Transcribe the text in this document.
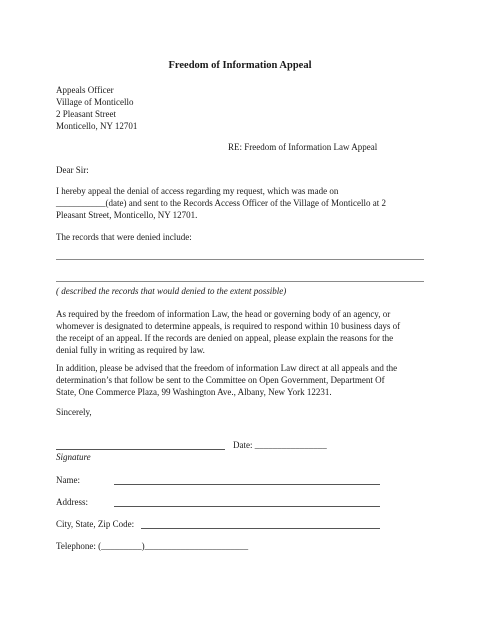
Freedom of Information Appeal
Appeals Officer
Village of Monticello
2 Pleasant Street
Monticello, NY 12701
RE: Freedom of Information Law Appeal
Dear Sir:
I hereby appeal the denial of access regarding my request, which was made on
___________(date) and sent to the Records Access Officer of the Village of Monticello at 2
Pleasant Street, Monticello, NY 12701.
The records that were denied include:
( described the records that would denied to the extent possible)
As required by the freedom of information Law, the head or governing body of an agency, or
whomever is designated to determine appeals, is required to respond within 10 business days of
the receipt of an appeal. If the records are denied on appeal, please explain the reasons for the
denial fully in writing as required by law.
In addition, please be advised that the freedom of information Law direct at all appeals and the
determination’s that follow be sent to the Committee on Open Government, Department Of
State, One Commerce Plaza, 99 Washington Ave., Albany, New York 12231.
Sincerely,
Date: ________________
Signature
Name:
Address:
City, State, Zip Code:
Telephone: (_________)_______________________
